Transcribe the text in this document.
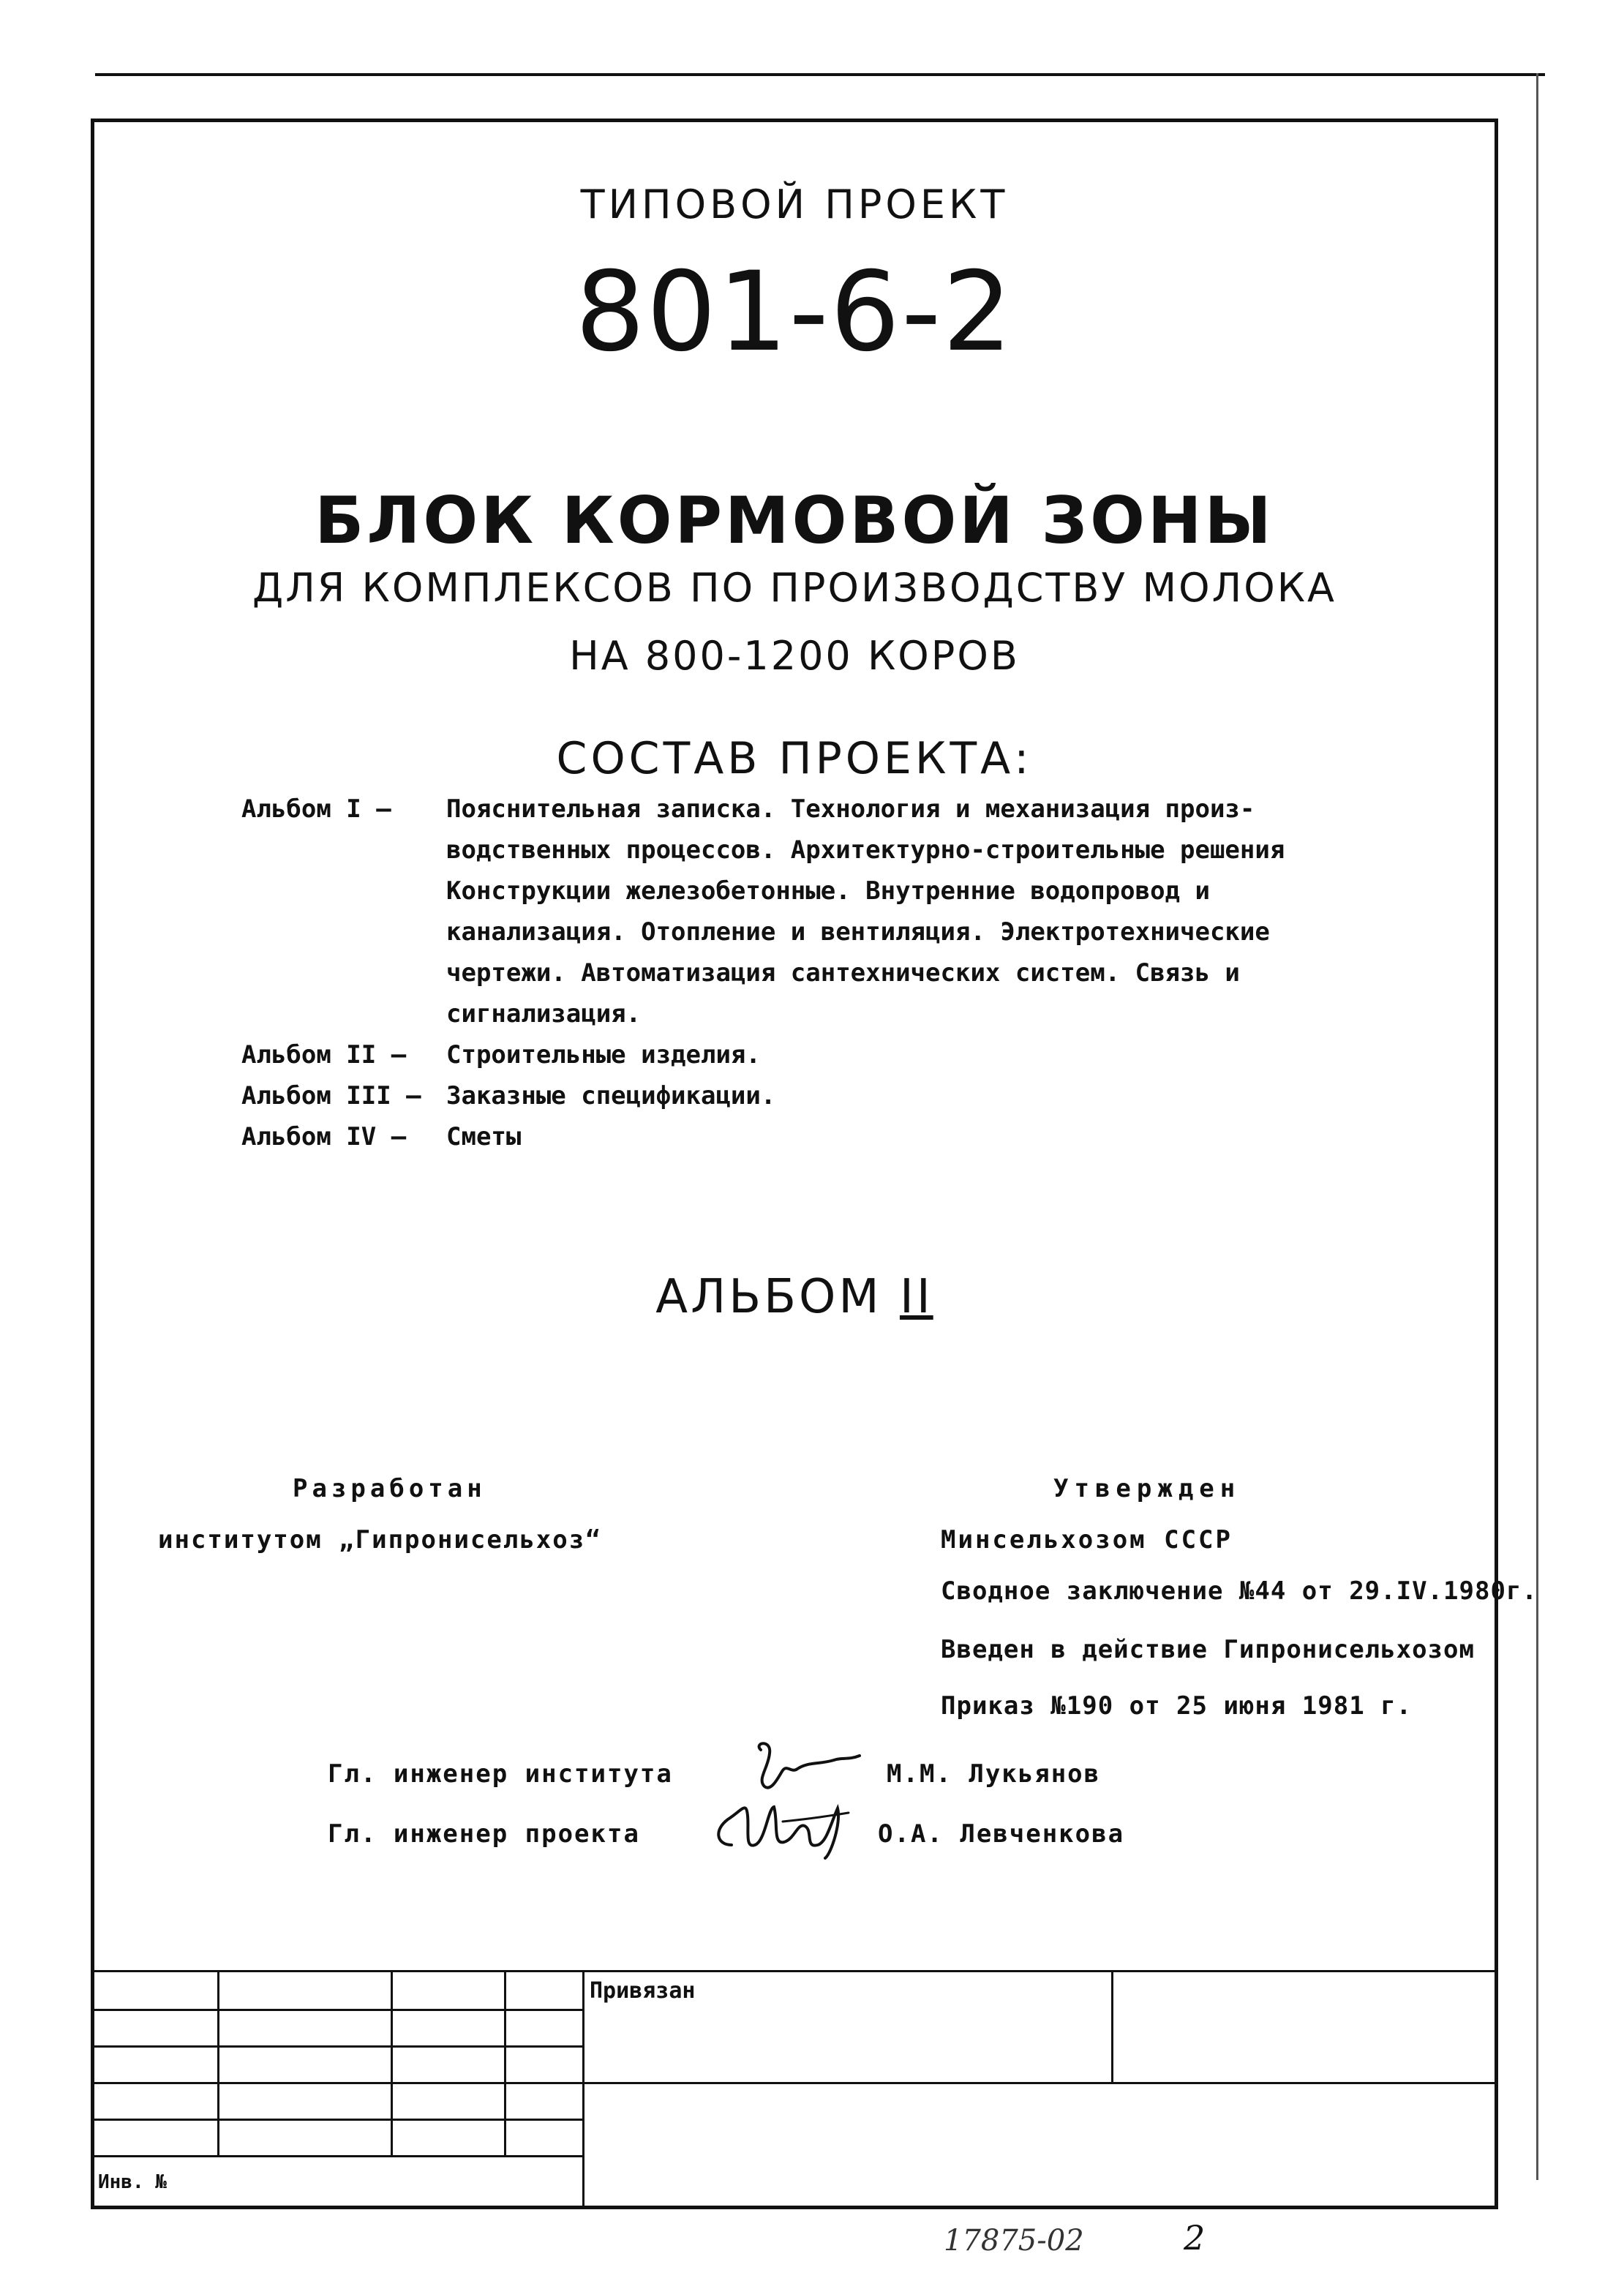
ТИПОВОЙ ПРОЕКТ
801-6-2
БЛОК КОРМОВОЙ ЗОНЫ
ДЛЯ КОМПЛЕКСОВ ПО ПРОИЗВОДСТВУ МОЛОКА
НА 800-1200 КОРОВ
СОСТАВ ПРОЕКТА:
Альбом I –	Пояснительная записка. Технология и механизация произ-
водственных процессов. Архитектурно-строительные решения
Конструкции железобетонные. Внутренние водопровод и
канализация. Отопление и вентиляция. Электротехнические
чертежи. Автоматизация сантехнических систем. Связь и
сигнализация.
Альбом II –	Строительные изделия.
Альбом III –	Заказные спецификации.
Альбом IV –	Сметы
АЛЬБОМ II
Разработан
институтом „Гипронисельхоз“
Утвержден
Минсельхозом СССР
Сводное заключение №44 от 29.IV.1980г.
Введен в действие Гипронисельхозом
Приказ №190 от 25 июня 1981 г.
Гл. инженер института	М.М. Лукьянов
Гл. инженер проекта	О.А. Левченкова
Привязан
Инв. №
17875-02	2
